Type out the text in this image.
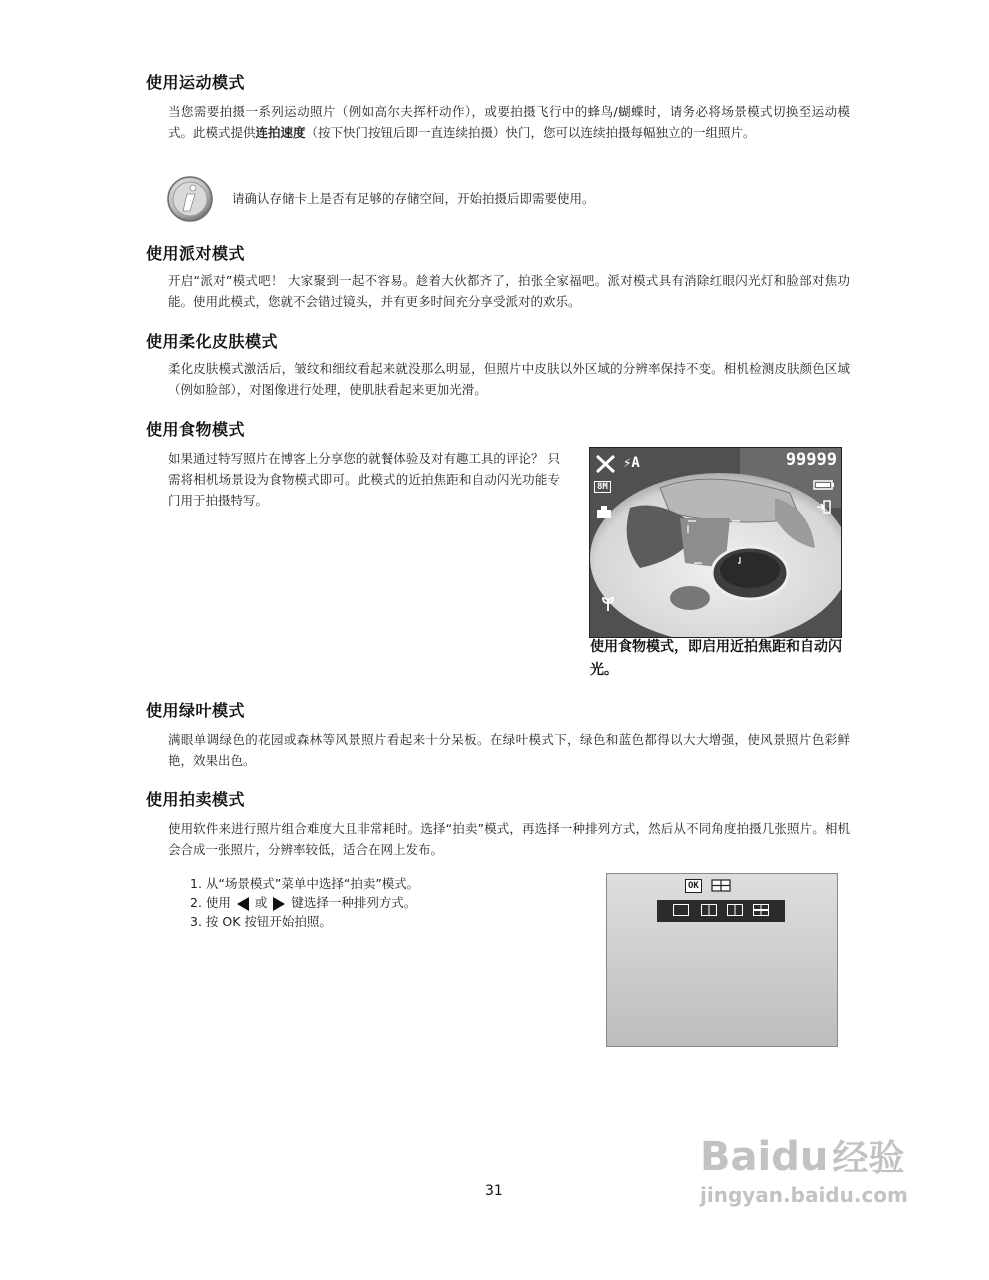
使用运动模式

当您需要拍摄一系列运动照片（例如高尔夫挥杆动作），或要拍摄飞行中的蜂鸟/蝴蝶时，请务必将场景模式切换至运动模式。此模式提供连拍速度（按下快门按钮后即一直连续拍摄）快门，您可以连续拍摄每幅独立的一组照片。

请确认存储卡上是否有足够的存储空间，开始拍摄后即需要使用。

使用派对模式

开启“派对”模式吧！ 大家聚到一起不容易。趁着大伙都齐了，拍张全家福吧。派对模式具有消除红眼闪光灯和脸部对焦功能。使用此模式，您就不会错过镜头，并有更多时间充分享受派对的欢乐。

使用柔化皮肤模式

柔化皮肤模式激活后，皱纹和细纹看起来就没那么明显，但照片中皮肤以外区域的分辨率保持不变。相机检测皮肤颜色区域（例如脸部），对图像进行处理，使肌肤看起来更加光滑。

使用食物模式

如果通过特写照片在博客上分享您的就餐体验及对有趣工具的评论？ 只需将相机场景设为食物模式即可。此模式的近拍焦距和自动闪光功能专门用于拍摄特写。

99999
⚡A
8M

使用食物模式，即启用近拍焦距和自动闪光。

使用绿叶模式

满眼单调绿色的花园或森林等风景照片看起来十分呆板。在绿叶模式下，绿色和蓝色都得以大大增强，使风景照片色彩鲜艳，效果出色。

使用拍卖模式

使用软件来进行照片组合难度大且非常耗时。选择“拍卖”模式，再选择一种排列方式，然后从不同角度拍摄几张照片。相机会合成一张照片，分辨率较低，适合在网上发布。

1. 从“场景模式”菜单中选择“拍卖”模式。
2. 使用 或 键选择一种排列方式。
3. 按 OK 按钮开始拍照。
OK

31

Baidu 经验
jingyan.baidu.com
